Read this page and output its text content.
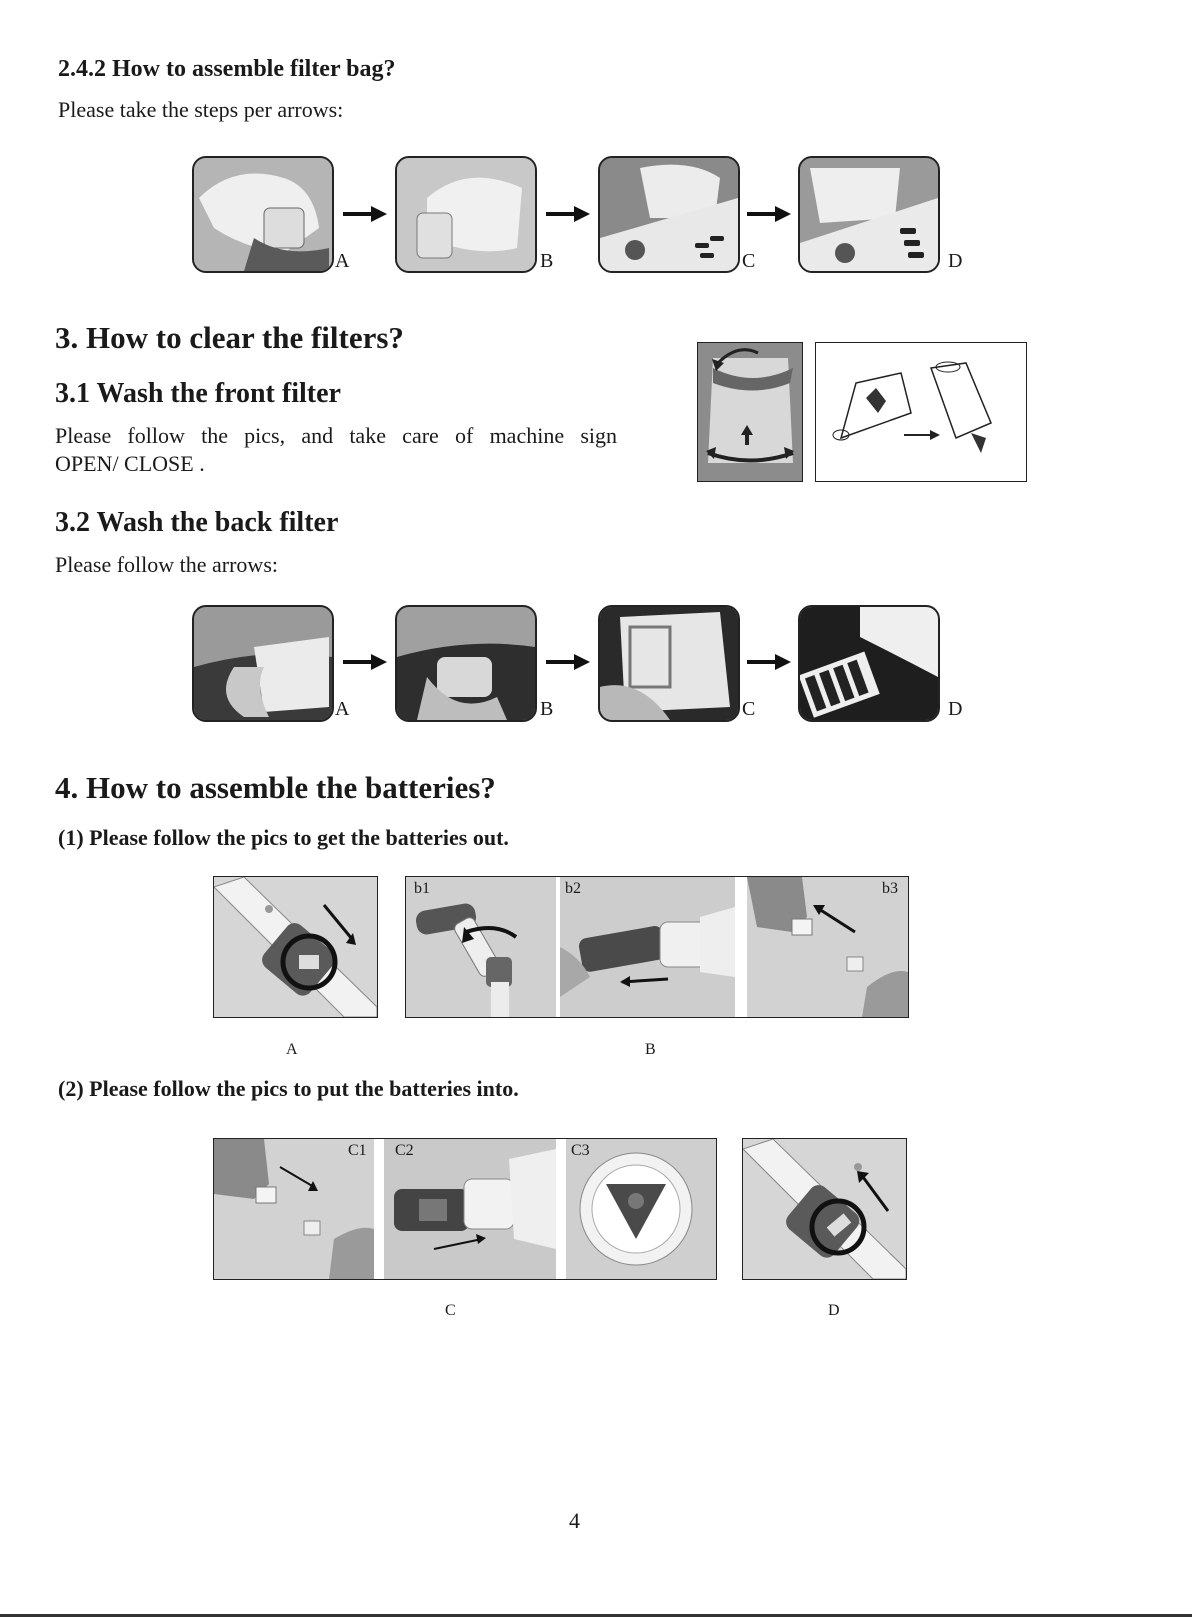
2.4.2 How to assemble filter bag?
Please take the steps per arrows:
A	B	C	D
3. How to clear the filters?
3.1 Wash the front filter
Please follow the pics, and take care of machine sign
OPEN/ CLOSE .
3.2 Wash the back filter
Please follow the arrows:
A	B	C	D
4. How to assemble the batteries?
(1) Please follow the pics to get the batteries out.
b1	b2	b3
A	B
(2) Please follow the pics to put the batteries into.
C1 C2	C3
C	D
4
